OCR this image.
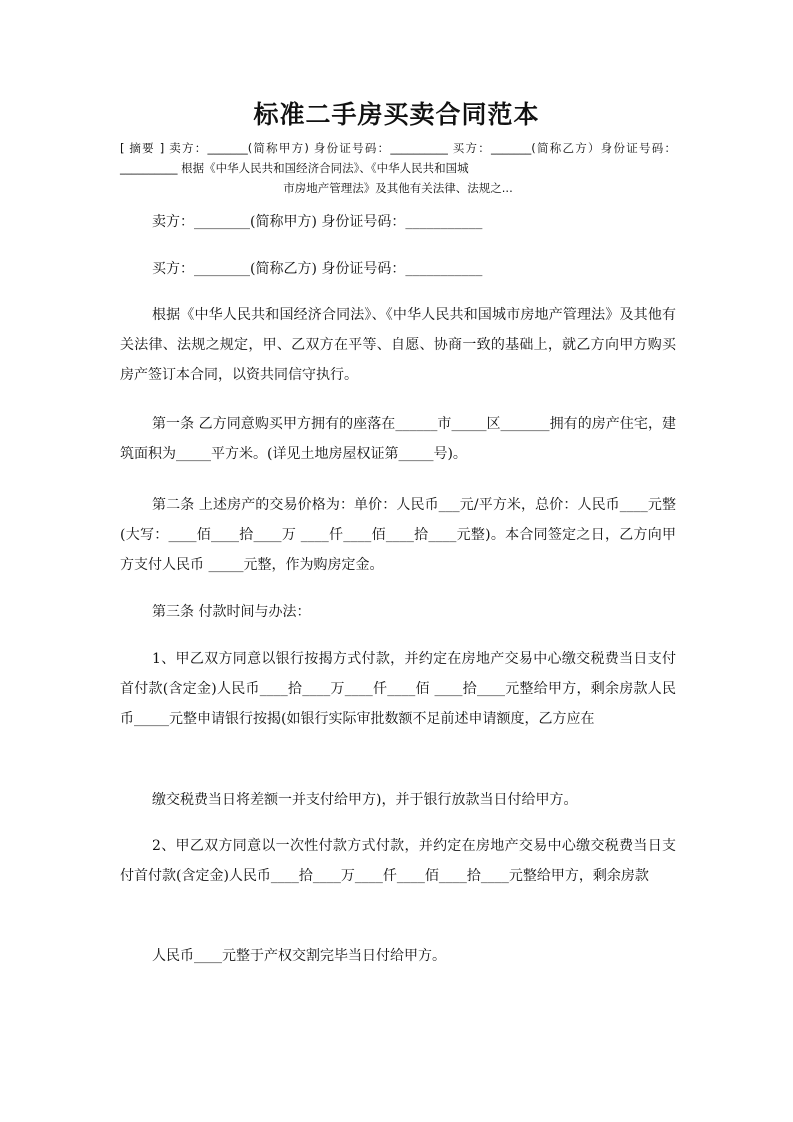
标准二手房买卖合同范本
[ 摘要 ] 卖方：_______(简称甲方) 身份证号码：__________ 买方：_______(简称乙方）身份证号码：__________ 根据《中华人民共和国经济合同法》、《中华人民共和国城
市房地产管理法》及其他有关法律、法规之...

卖方：________(简称甲方) 身份证号码：___________

买方：________(简称乙方) 身份证号码：___________

根据《中华人民共和国经济合同法》、《中华人民共和国城市房地产管理法》及其他有关法律、法规之规定，甲、乙双方在平等、自愿、协商一致的基础上，就乙方向甲方购买房产签订本合同，以资共同信守执行。

第一条 乙方同意购买甲方拥有的座落在______市_____区_______拥有的房产住宅，建筑面积为_____平方米。(详见土地房屋权证第_____号)。

第二条 上述房产的交易价格为：单价：人民币___元/平方米，总价：人民币____元整(大写：____佰____拾____万 ____仟____佰____拾____元整)。本合同签定之日，乙方向甲方支付人民币 _____元整，作为购房定金。

第三条 付款时间与办法：

1、甲乙双方同意以银行按揭方式付款，并约定在房地产交易中心缴交税费当日支付首付款(含定金)人民币____拾____万____仟____佰 ____拾____元整给甲方，剩余房款人民币_____元整申请银行按揭(如银行实际审批数额不足前述申请额度，乙方应在

缴交税费当日将差额一并支付给甲方)，并于银行放款当日付给甲方。

2、甲乙双方同意以一次性付款方式付款，并约定在房地产交易中心缴交税费当日支付首付款(含定金)人民币____拾____万____仟____佰____拾____元整给甲方，剩余房款

人民币____元整于产权交割完毕当日付给甲方。
